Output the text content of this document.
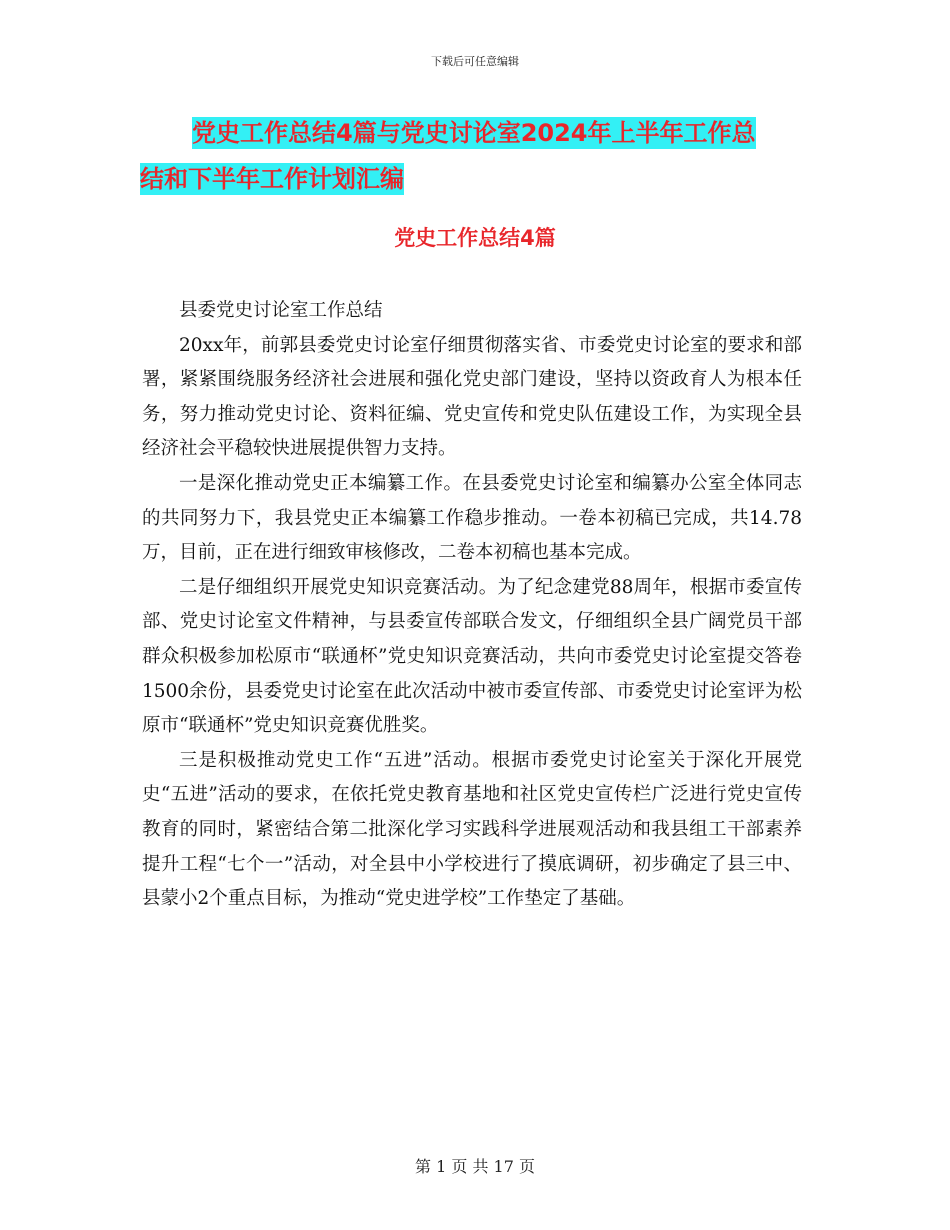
下载后可任意编辑
党史工作总结4篇与党史讨论室2024年上半年工作总
结和下半年工作计划汇编
党史工作总结4篇

县委党史讨论室工作总结

20xx年，前郭县委党史讨论室仔细贯彻落实省、市委党史讨论室的要求和部署，紧紧围绕服务经济社会进展和强化党史部门建设，坚持以资政育人为根本任务，努力推动党史讨论、资料征编、党史宣传和党史队伍建设工作，为实现全县经济社会平稳较快进展提供智力支持。

一是深化推动党史正本编纂工作。在县委党史讨论室和编纂办公室全体同志的共同努力下，我县党史正本编纂工作稳步推动。一卷本初稿已完成，共14.78万，目前，正在进行细致审核修改，二卷本初稿也基本完成。

二是仔细组织开展党史知识竞赛活动。为了纪念建党88周年，根据市委宣传部、党史讨论室文件精神，与县委宣传部联合发文，仔细组织全县广阔党员干部群众积极参加松原市“联通杯”党史知识竞赛活动，共向市委党史讨论室提交答卷1500余份，县委党史讨论室在此次活动中被市委宣传部、市委党史讨论室评为松原市“联通杯”党史知识竞赛优胜奖。

三是积极推动党史工作“五进”活动。根据市委党史讨论室关于深化开展党史“五进”活动的要求，在依托党史教育基地和社区党史宣传栏广泛进行党史宣传教育的同时，紧密结合第二批深化学习实践科学进展观活动和我县组工干部素养提升工程“七个一”活动，对全县中小学校进行了摸底调研，初步确定了县三中、县蒙小2个重点目标，为推动“党史进学校”工作垫定了基础。

第 1 页 共 17 页
